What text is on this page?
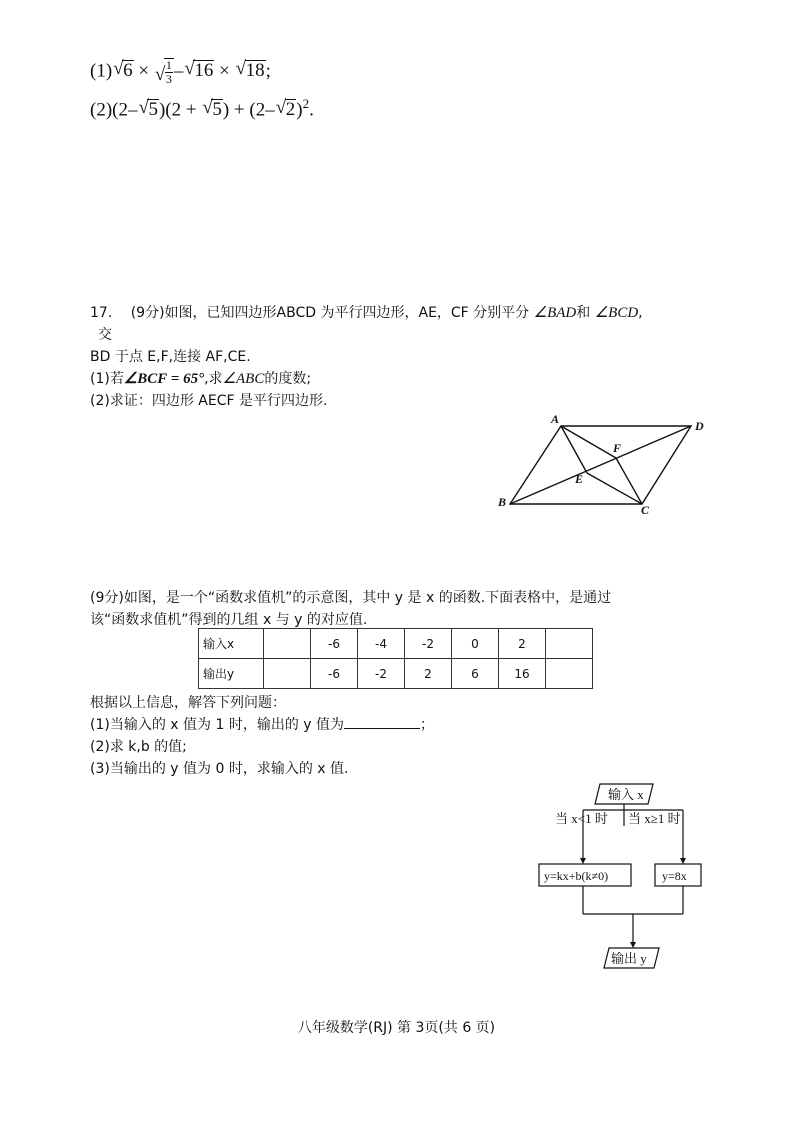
(1) √ 6 × √ $\frac{1}{3}$ – √ 16 × √ 18;
(2)(2– √ 5)(2 + √ 5) + (2– √ 2)$^2$.
17.　 (9分)如图，已知四边形ABCD 为平行四边形，AE，CF 分别平分 ∠BAD和 ∠BCD,
交
BD 于点 E,F,连接 AF,CE.
(1)若∠BCF = 65°,求∠ABC的度数;
(2)求证：四边形 AECF 是平行四边形.
A	D
B
C
E
F
(9分)如图，是一个“函数求值机”的示意图，其中 y 是 x 的函数.下面表格中，是通过
该“函数求值机”得到的几组 x 与 y 的对应值.
输入x		-6	-4	-2	0	2	
输出y		-6	-2	2	6	16	
根据以上信息，解答下列问题：
(1)当输入的 x 值为 1 时，输出的 y 值为	；
(2)求 k,b 的值;
(3)当输出的 y 值为 0 时，求输入的 x 值.
输入 x
当 x<1 时 当 x≥1 时
y=kx+b(k≠0)	y=8x
输出 y
八年级数学(RJ) 第 3页(共 6 页)
